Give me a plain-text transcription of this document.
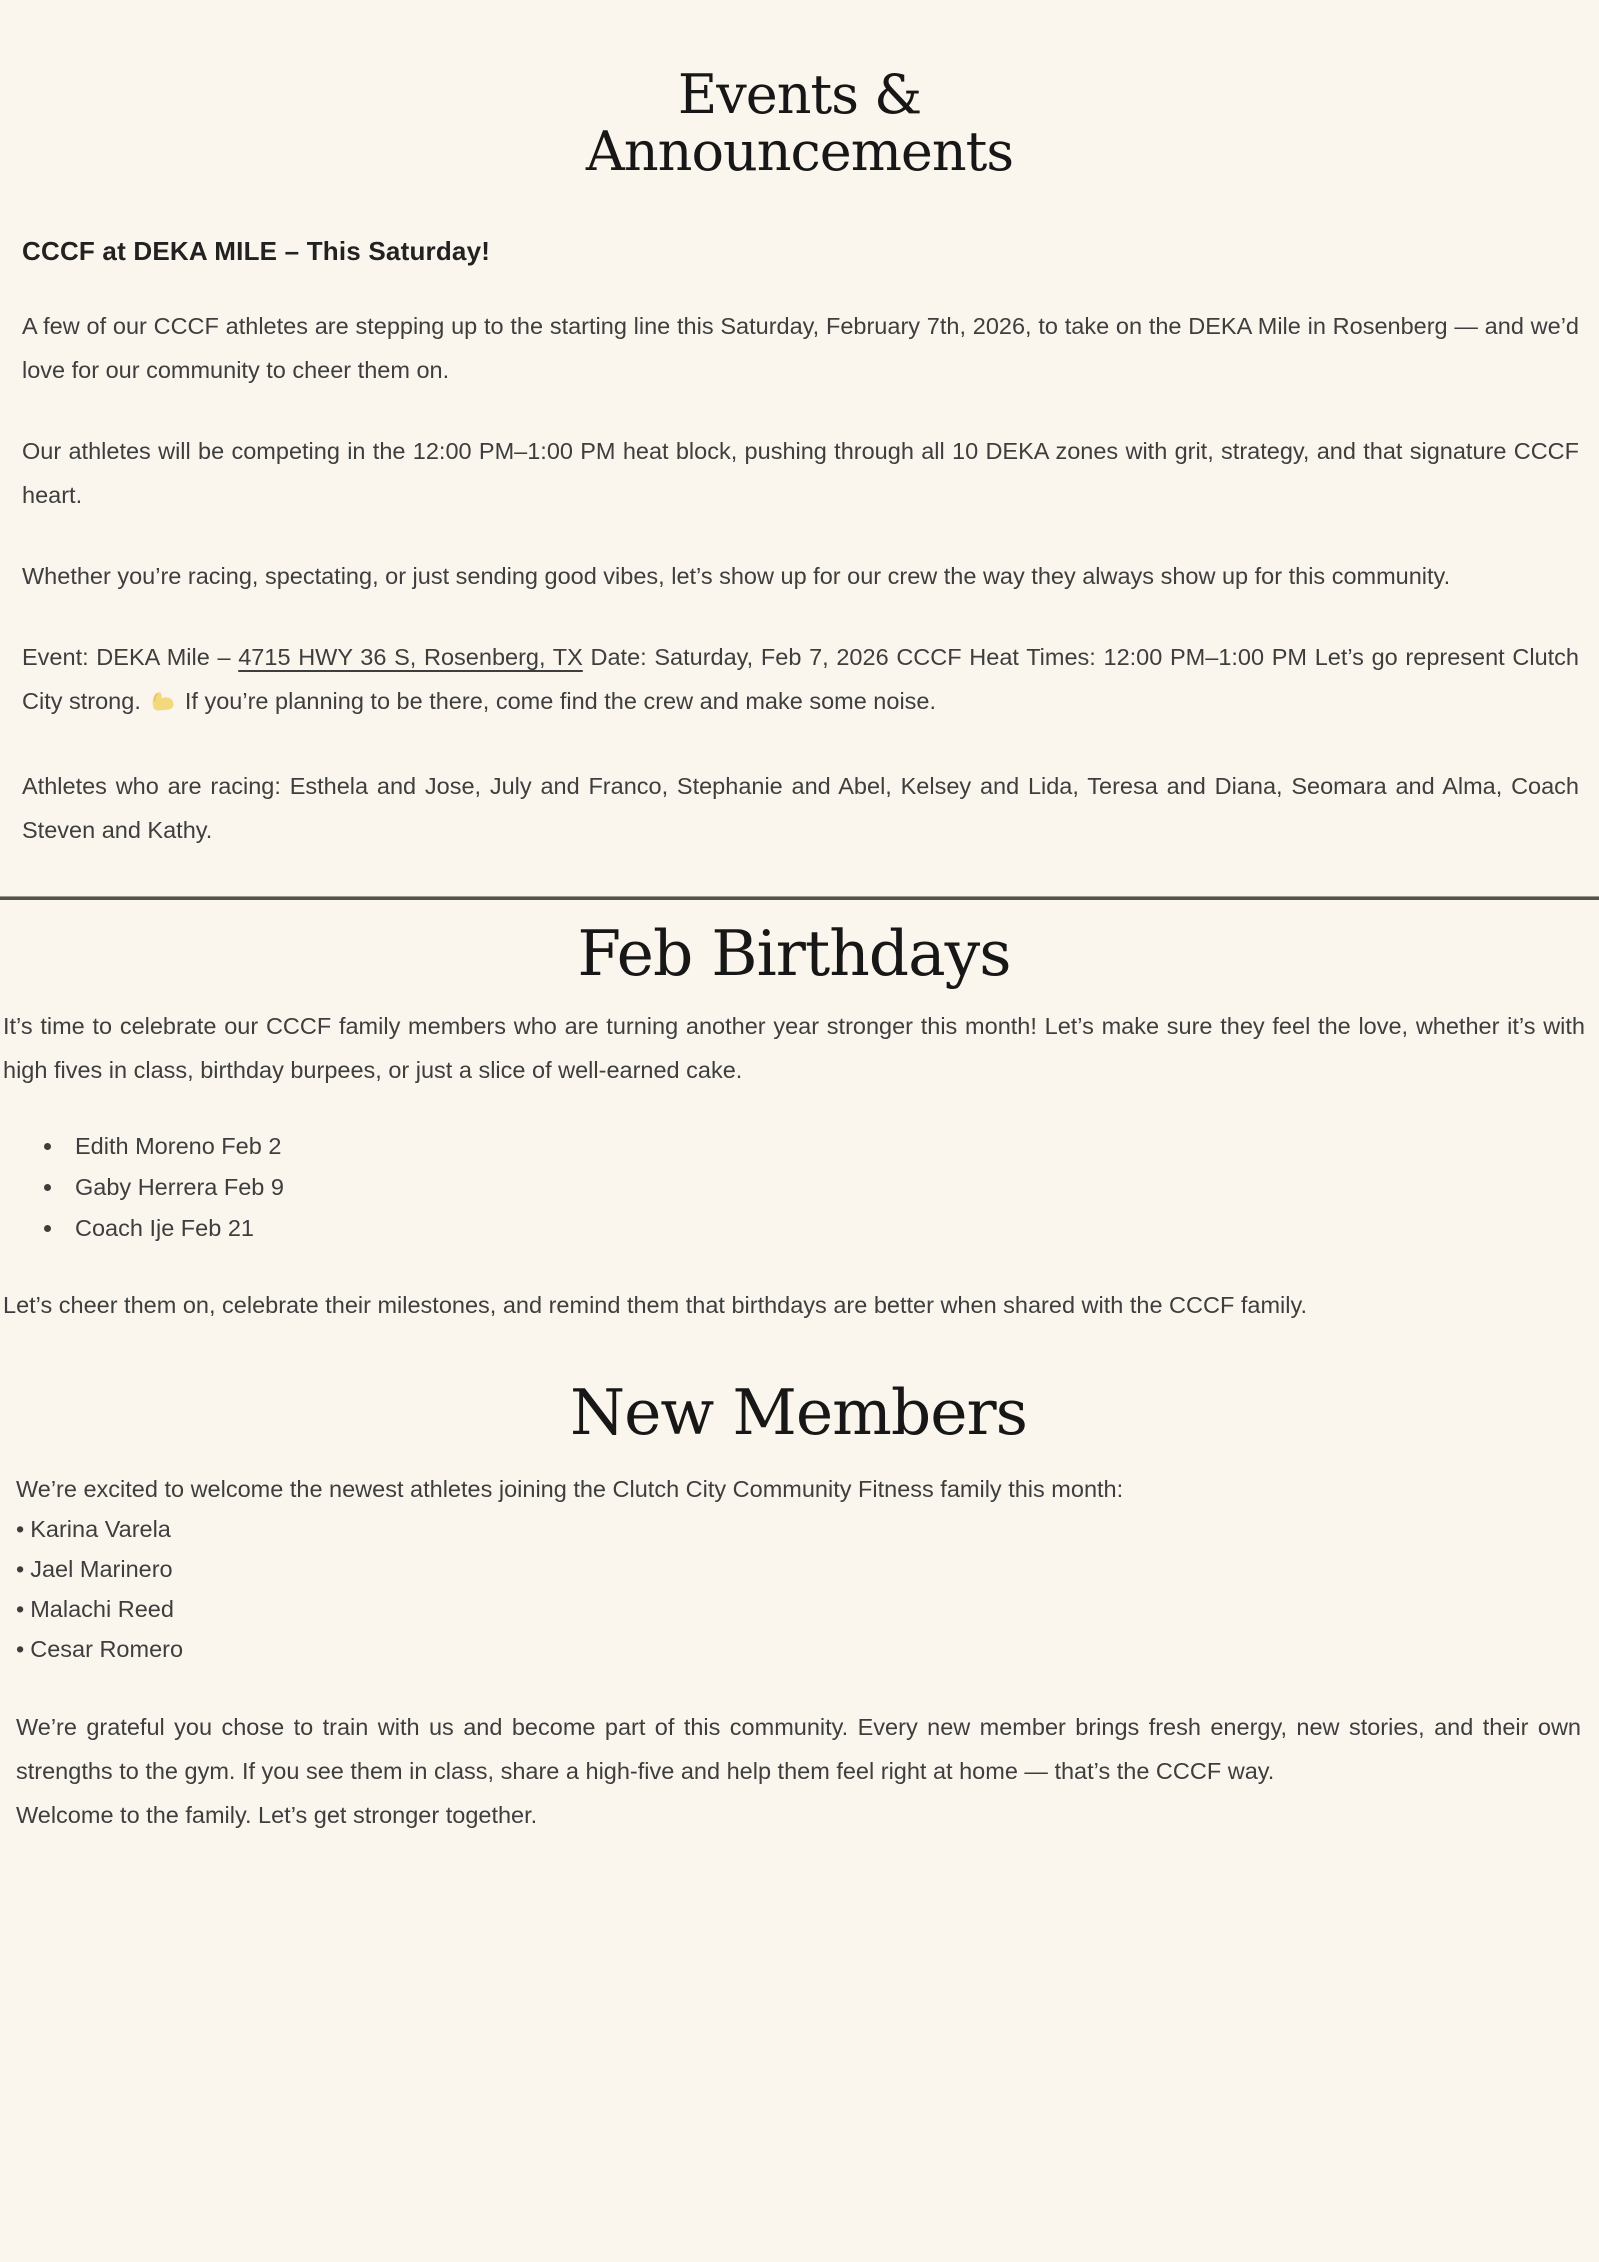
Events &
Announcements

CCCF at DEKA MILE – This Saturday!

A few of our CCCF athletes are stepping up to the starting line this Saturday, February 7th, 2026, to take on the DEKA Mile in Rosenberg — and we’d love for our community to cheer them on.

Our athletes will be competing in the 12:00 PM–1:00 PM heat block, pushing through all 10 DEKA zones with grit, strategy, and that signature CCCF heart.

Whether you’re racing, spectating, or just sending good vibes, let’s show up for our crew the way they always show up for this community.

Event: DEKA Mile – 4715 HWY 36 S, Rosenberg, TX Date: Saturday, Feb 7, 2026 CCCF Heat Times: 12:00 PM–1:00 PM Let’s go represent Clutch City strong.  If you’re planning to be there, come find the crew and make some noise.

Athletes who are racing: Esthela and Jose, July and Franco, Stephanie and Abel, Kelsey and Lida, Teresa and Diana, Seomara and Alma, Coach Steven and Kathy.

Feb Birthdays

It’s time to celebrate our CCCF family members who are turning another year stronger this month! Let’s make sure they feel the love, whether it’s with high fives in class, birthday burpees, or just a slice of well-earned cake.

• Edith Moreno Feb 2
• Gaby Herrera Feb 9
• Coach Ije Feb 21

Let’s cheer them on, celebrate their milestones, and remind them that birthdays are better when shared with the CCCF family.

New Members

We’re excited to welcome the newest athletes joining the Clutch City Community Fitness family this month:

• Karina Varela

• Jael Marinero

• Malachi Reed

• Cesar Romero

We’re grateful you chose to train with us and become part of this community. Every new member brings fresh energy, new stories, and their own strengths to the gym. If you see them in class, share a high-five and help them feel right at home — that’s the CCCF way.

Welcome to the family. Let’s get stronger together.
